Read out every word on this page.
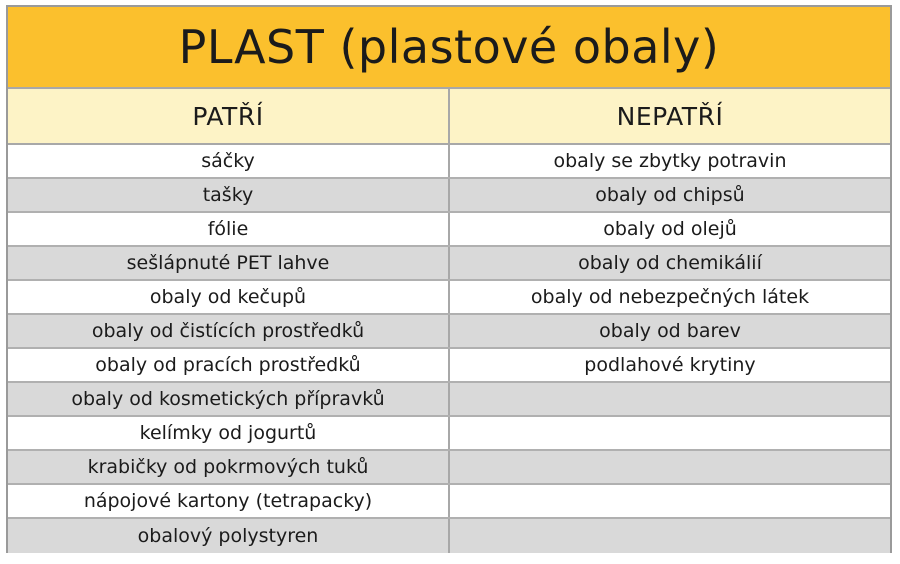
PLAST (plastové obaly)
PATŘÍ	NEPATŘÍ
sáčky	obaly se zbytky potravin
tašky	obaly od chipsů
fólie	obaly od olejů
sešlápnuté PET lahve	obaly od chemikálií
obaly od kečupů	obaly od nebezpečných látek
obaly od čistících prostředků	obaly od barev
obaly od pracích prostředků	podlahové krytiny
obaly od kosmetických přípravků
kelímky od jogurtů
krabičky od pokrmových tuků
nápojové kartony (tetrapacky)
obalový polystyren
